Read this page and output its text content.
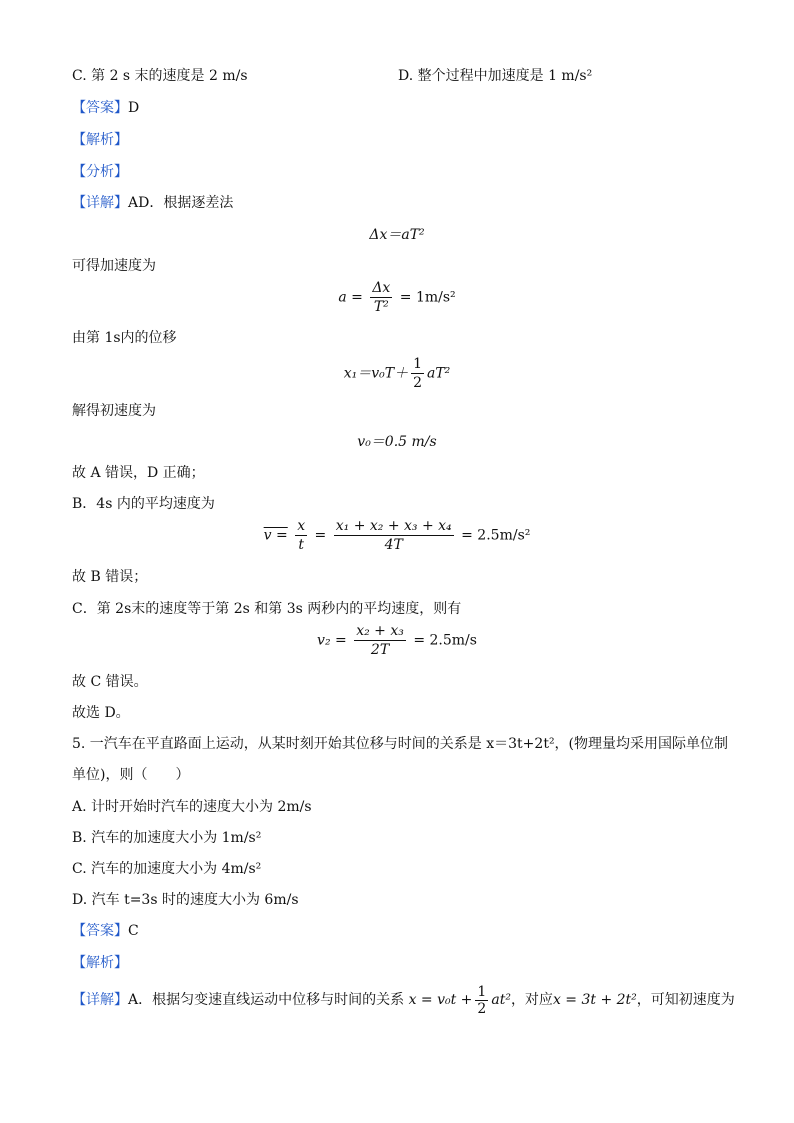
C. 第 2 s 末的速度是 2 m/s	D. 整个过程中加速度是 1 m/s²
【答案】D
【解析】
【分析】
【详解】AD．根据逐差法
Δx＝aT²
可得加速度为
$a = \frac{\Delta x}{\text{T²}} = 1m/s^2$
由第 1s内的位移
$x_1=v_0T+ \frac{1}{2} aT^2$
解得初速度为
v₀＝0.5 m/s
故 A 错误，D 正确；
B．4s 内的平均速度为
$v = \frac{x}{t} = \frac{\text{x₁ + x₂ + x₃ + x₄}}{4T} = 2.5m/s^2$
故 B 错误；
C．第 2s末的速度等于第 2s 和第 3s 两秒内的平均速度，则有
$v_2 = \frac{\text{x₂ + x₃}}{2T} = 2.5m/s$
故 C 错误。
故选 D。
5. 一汽车在平直路面上运动，从某时刻开始其位移与时间的关系是 x＝3t+2t²，(物理量均采用国际单位制
单位)，则（　　）
A. 计时开始时汽车的速度大小为 2m/s
B. 汽车的加速度大小为 1m/s²
C. 汽车的加速度大小为 4m/s²
D. 汽车 t=3s 时的速度大小为 6m/s
【答案】C
【解析】
【详解】A．根据匀变速直线运动中位移与时间的关系 $x = v_0t + \frac{1}{2} at^2$，对应x = 3t + 2t²，可知初速度为
